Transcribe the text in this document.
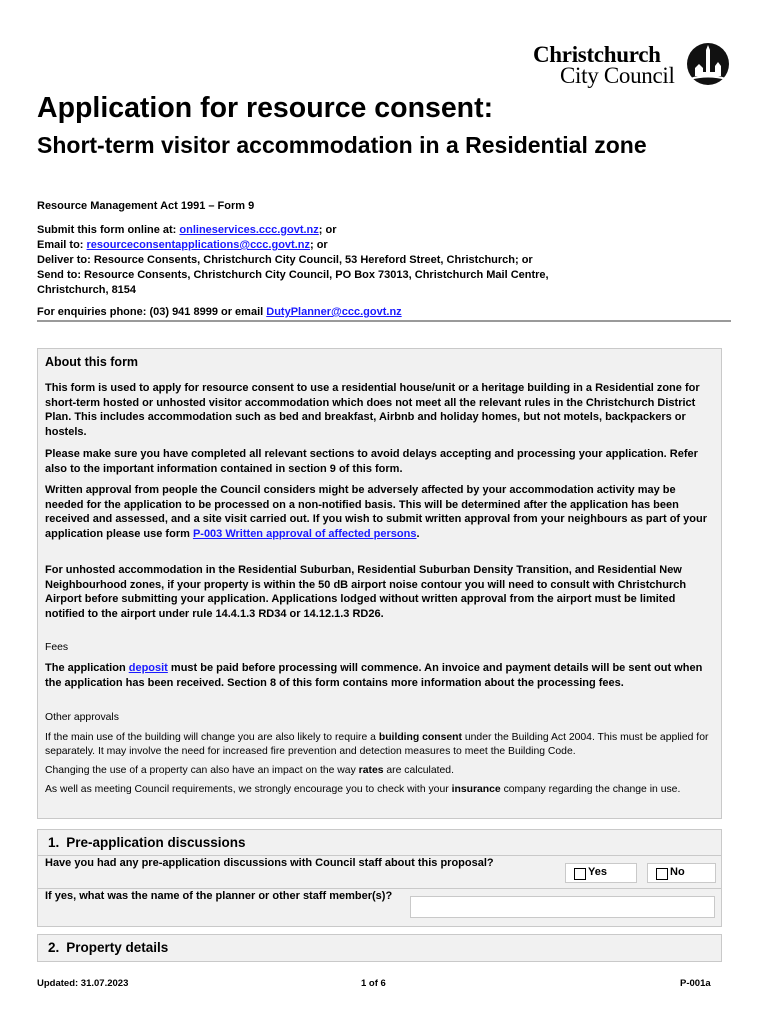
Christchurch
City Council
Application for resource consent:
Short-term visitor accommodation in a Residential zone
Resource Management Act 1991 – Form 9
Submit this form online at: onlineservices.ccc.govt.nz; or
Email to: resourceconsentapplications@ccc.govt.nz; or
Deliver to: Resource Consents, Christchurch City Council, 53 Hereford Street, Christchurch; or
Send to: Resource Consents, Christchurch City Council, PO Box 73013, Christchurch Mail Centre,
Christchurch, 8154
For enquiries phone: (03) 941 8999 or email DutyPlanner@ccc.govt.nz
About this form
This form is used to apply for resource consent to use a residential house/unit or a heritage building in a Residential zone for short-term hosted or unhosted visitor accommodation which does not meet all the relevant rules in the Christchurch District Plan. This includes accommodation such as bed and breakfast, Airbnb and holiday homes, but not motels, backpackers or hostels.
Please make sure you have completed all relevant sections to avoid delays accepting and processing your application. Refer also to the important information contained in section 9 of this form.
Written approval from people the Council considers might be adversely affected by your accommodation activity may be needed for the application to be processed on a non-notified basis. This will be determined after the application has been received and assessed, and a site visit carried out. If you wish to submit written approval from your neighbours as part of your application please use form P-003 Written approval of affected persons.
For unhosted accommodation in the Residential Suburban, Residential Suburban Density Transition, and Residential New Neighbourhood zones, if your property is within the 50 dB airport noise contour you will need to consult with Christchurch Airport before submitting your application. Applications lodged without written approval from the airport must be limited notified to the airport under rule 14.4.1.3 RD34 or 14.12.1.3 RD26.
Fees
The application deposit must be paid before processing will commence. An invoice and payment details will be sent out when the application has been received. Section 8 of this form contains more information about the processing fees.
Other approvals
If the main use of the building will change you are also likely to require a building consent under the Building Act 2004. This must be applied for separately. It may involve the need for increased fire prevention and detection measures to meet the Building Code.
Changing the use of a property can also have an impact on the way rates are calculated.
As well as meeting Council requirements, we strongly encourage you to check with your insurance company regarding the change in use.
1. Pre-application discussions
Have you had any pre-application discussions with Council staff about this proposal?
Yes	No
If yes, what was the name of the planner or other staff member(s)?
2. Property details
Updated: 31.07.2023	1 of 6	P-001a
